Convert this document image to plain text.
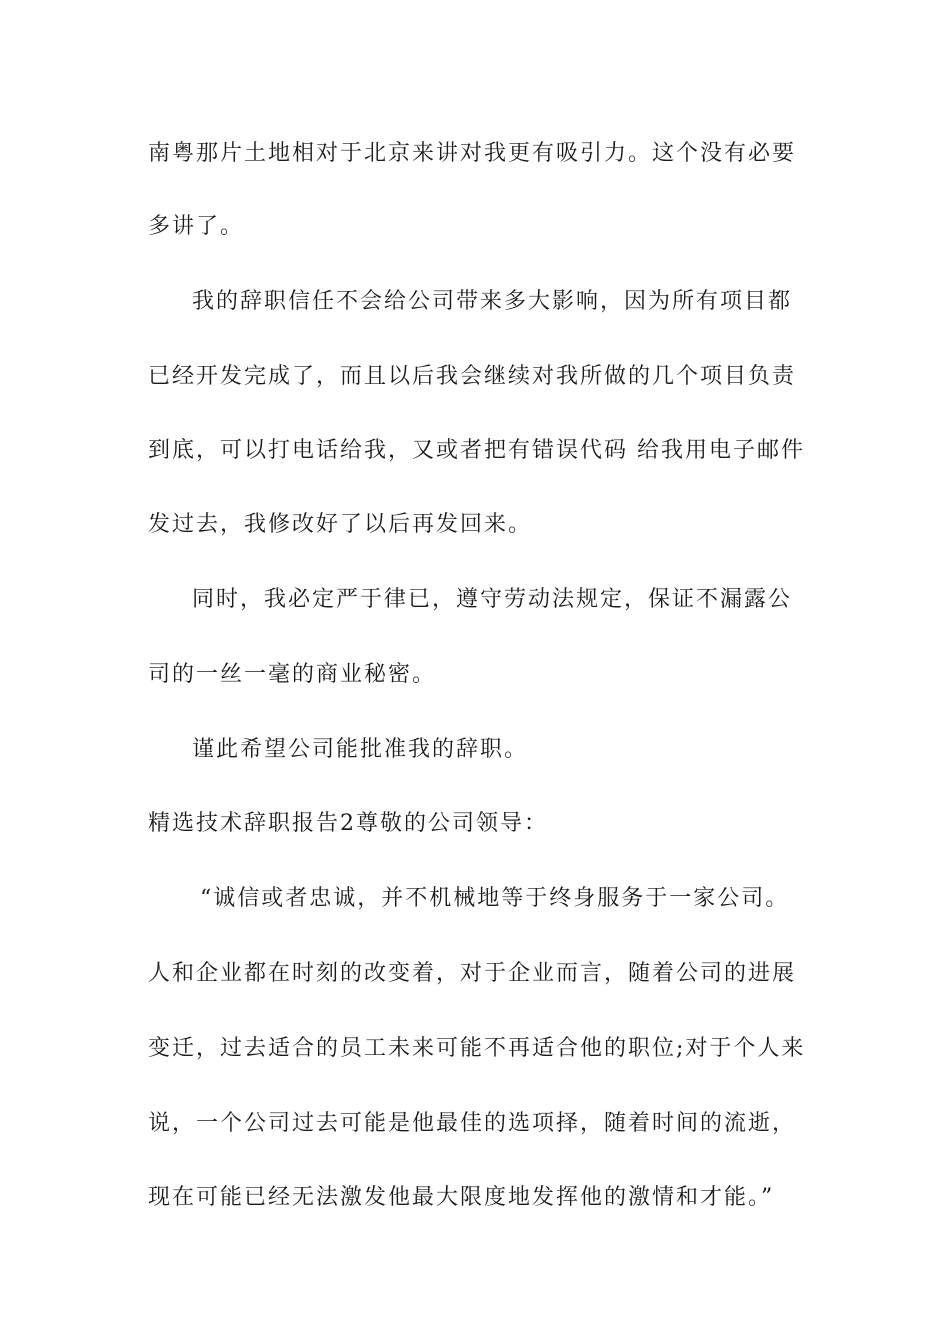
南粤那片土地相对于北京来讲对我更有吸引力。这个没有必要
多讲了。
我的辞职信任不会给公司带来多大影响，因为所有项目都
已经开发完成了，而且以后我会继续对我所做的几个项目负责
到底，可以打电话给我，又或者把有错误代码 给我用电子邮件
发过去，我修改好了以后再发回来。
同时，我必定严于律已，遵守劳动法规定，保证不漏露公
司的一丝一毫的商业秘密。
谨此希望公司能批准我的辞职。
精选技术辞职报告2尊敬的公司领导：
“诚信或者忠诚，并不机械地等于终身服务于一家公司。
人和企业都在时刻的改变着，对于企业而言，随着公司的进展
变迁，过去适合的员工未来可能不再适合他的职位;对于个人来
说，一个公司过去可能是他最佳的选项择，随着时间的流逝，
现在可能已经无法激发他最大限度地发挥他的激情和才能。”
